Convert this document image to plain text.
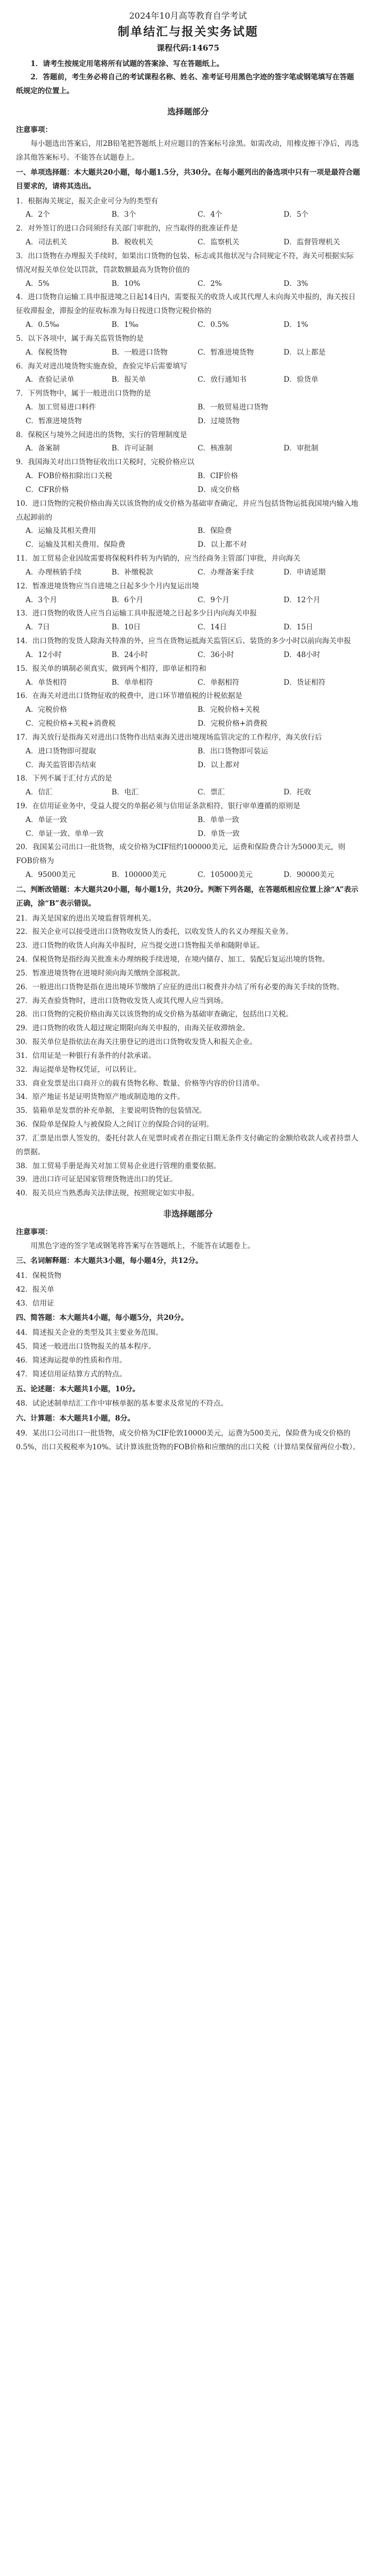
2024年10月高等教育自学考试
制单结汇与报关实务试题
课程代码:14675

1．请考生按规定用笔将所有试题的答案涂、写在答题纸上。

2．答题前，考生务必将自己的考试课程名称、姓名、准考证号用黑色字迹的签字笔或钢笔填写在答题纸规定的位置上。

选择题部分
注意事项：

每小题选出答案后，用2B铅笔把答题纸上对应题目的答案标号涂黑。如需改动，用橡皮擦干净后，再选涂其他答案标号。不能答在试题卷上。

一、单项选择题：本大题共20小题，每小题1.5分，共30分。在每小题列出的备选项中只有一项是最符合题目要求的，请将其选出。

1．根据海关规定，报关企业可分为的类型有

A．2个	B．3个	C．4个	D．5个

2．对外签订的进口合同须经有关部门审批的，应当取得的批准证件是

A．司法机关	B．税收机关	C．监察机关	D．监督管理机关

3．出口货物在办理报关手续时，如果出口货物的包装、标志或其他状况与合同规定不符，海关可根据实际情况对报关单位处以罚款，罚款数额最高为货物价值的

A．5%	B．10%	C．2%	D．3%

4．进口货物自运输工具申报进境之日起14日内，需要报关的收货人或其代理人未向海关申报的，海关按日征收滞报金，滞报金的征收标准为每日按进口货物完税价格的

A．0.5‰	B．1‰	C．0.5%	D．1%

5．以下各项中，属于海关监管货物的是

A．保税货物	B．一般进口货物	C．暂准进境货物	D．以上都是

6．海关对进出境货物实施查验，查验完毕后需要填写

A．查验记录单	B．报关单	C．放行通知书	D．验货单

7．下列货物中，属于一般进出口货物的是

A．加工贸易进口料件	B．一般贸易进口货物
C．暂准进境货物	D．过境货物

8．保税区与境外之间进出的货物，实行的管理制度是

A．备案制	B．许可证制	C．核准制	D．审批制

9．我国海关对出口货物征收出口关税时，完税价格应以

A．FOB价格扣除出口关税	B．CIF价格
C．CFR价格	D．成交价格

10．进口货物的完税价格由海关以该货物的成交价格为基础审查确定，并应当包括货物运抵我国境内输入地点起卸前的

A．运输及其相关费用	B．保险费
C．运输及其相关费用、保险费	D．以上都不对

11．加工贸易企业因故需要将保税料件转为内销的，应当经商务主管部门审批，并向海关

A．办理核销手续	B．补缴税款	C．办理备案手续	D．申请延期

12．暂准进境货物应当自进境之日起多少个月内复运出境

A．3个月	B．6个月	C．9个月	D．12个月

13．进口货物的收货人应当自运输工具申报进境之日起多少日内向海关申报

A．7日	B．10日	C．14日	D．15日

14．出口货物的发货人除海关特准的外，应当在货物运抵海关监管区后、装货的多少小时以前向海关申报

A．12小时	B．24小时	C．36小时	D．48小时

15．报关单的填制必须真实，做到两个相符，即单证相符和

A．单货相符	B．单单相符	C．单据相符	D．货证相符

16．在海关对进出口货物征收的税费中，进口环节增值税的计税依据是

A．完税价格	B．完税价格+关税
C．完税价格+关税+消费税	D．完税价格+消费税

17．海关放行是指海关对进出口货物作出结束海关进出境现场监管决定的工作程序，海关放行后

A．进口货物即可提取	B．出口货物即可装运
C．海关监管即告结束	D．以上都对

18．下列不属于汇付方式的是

A．信汇	B．电汇	C．票汇	D．托收

19．在信用证业务中，受益人提交的单据必须与信用证条款相符，银行审单遵循的原则是

A．单证一致	B．单单一致
C．单证一致、单单一致	D．单货一致

20．我国某公司出口一批货物，成交价格为CIF纽约100000美元，运费和保险费合计为5000美元，则FOB价格为

A．95000美元	B．100000美元	C．105000美元	D．90000美元
二、判断改错题：本大题共20小题，每小题1分，共20分。判断下列各题，在答题纸相应位置上涂“A”表示正确，涂“B”表示错误。

21．海关是国家的进出关境监督管理机关。

22．报关企业可以接受进出口货物收发货人的委托，以收发货人的名义办理报关业务。

23．进口货物的收货人向海关申报时，应当提交进口货物报关单和随附单证。

24．保税货物是指经海关批准未办理纳税手续进境，在境内储存、加工、装配后复运出境的货物。

25．暂准进境货物在进境时须向海关缴纳全部税款。

26．一般进出口货物是指在进出境环节缴纳了应征的进出口税费并办结了所有必要的海关手续的货物。

27．海关查验货物时，进出口货物收发货人或其代理人应当到场。

28．出口货物的完税价格由海关以该货物的成交价格为基础审查确定，包括出口关税。

29．进口货物的收货人超过规定期限向海关申报的，由海关征收滞纳金。

30．报关单位是指依法在海关注册登记的进出口货物收发货人和报关企业。

31．信用证是一种银行有条件的付款承诺。

32．海运提单是物权凭证，可以转让。

33．商业发票是出口商开立的载有货物名称、数量、价格等内容的价目清单。

34．原产地证书是证明货物原产地或制造地的文件。

35．装箱单是发票的补充单据，主要说明货物的包装情况。

36．保险单是保险人与被保险人之间订立的保险合同的证明。

37．汇票是出票人签发的，委托付款人在见票时或者在指定日期无条件支付确定的金额给收款人或者持票人的票据。

38．加工贸易手册是海关对加工贸易企业进行管理的重要依据。

39．进出口许可证是国家管理货物进出口的凭证。

40．报关员应当熟悉海关法律法规，按照规定如实申报。

非选择题部分
注意事项：

用黑色字迹的签字笔或钢笔将答案写在答题纸上，不能答在试题卷上。

三、名词解释题：本大题共3小题，每小题4分，共12分。

41．保税货物

42．报关单

43．信用证

四、简答题：本大题共4小题，每小题5分，共20分。

44．简述报关企业的类型及其主要业务范围。

45．简述一般进出口货物报关的基本程序。

46．简述海运提单的性质和作用。

47．简述信用证结算方式的特点。

五、论述题：本大题共1小题，10分。

48．试论述制单结汇工作中审核单据的基本要求及常见的不符点。

六、计算题：本大题共1小题，8分。

49．某出口公司出口一批货物，成交价格为CIF伦敦10000美元，运费为500美元，保险费为成交价格的0.5%，出口关税税率为10%。试计算该批货物的FOB价格和应缴纳的出口关税（计算结果保留两位小数）。
